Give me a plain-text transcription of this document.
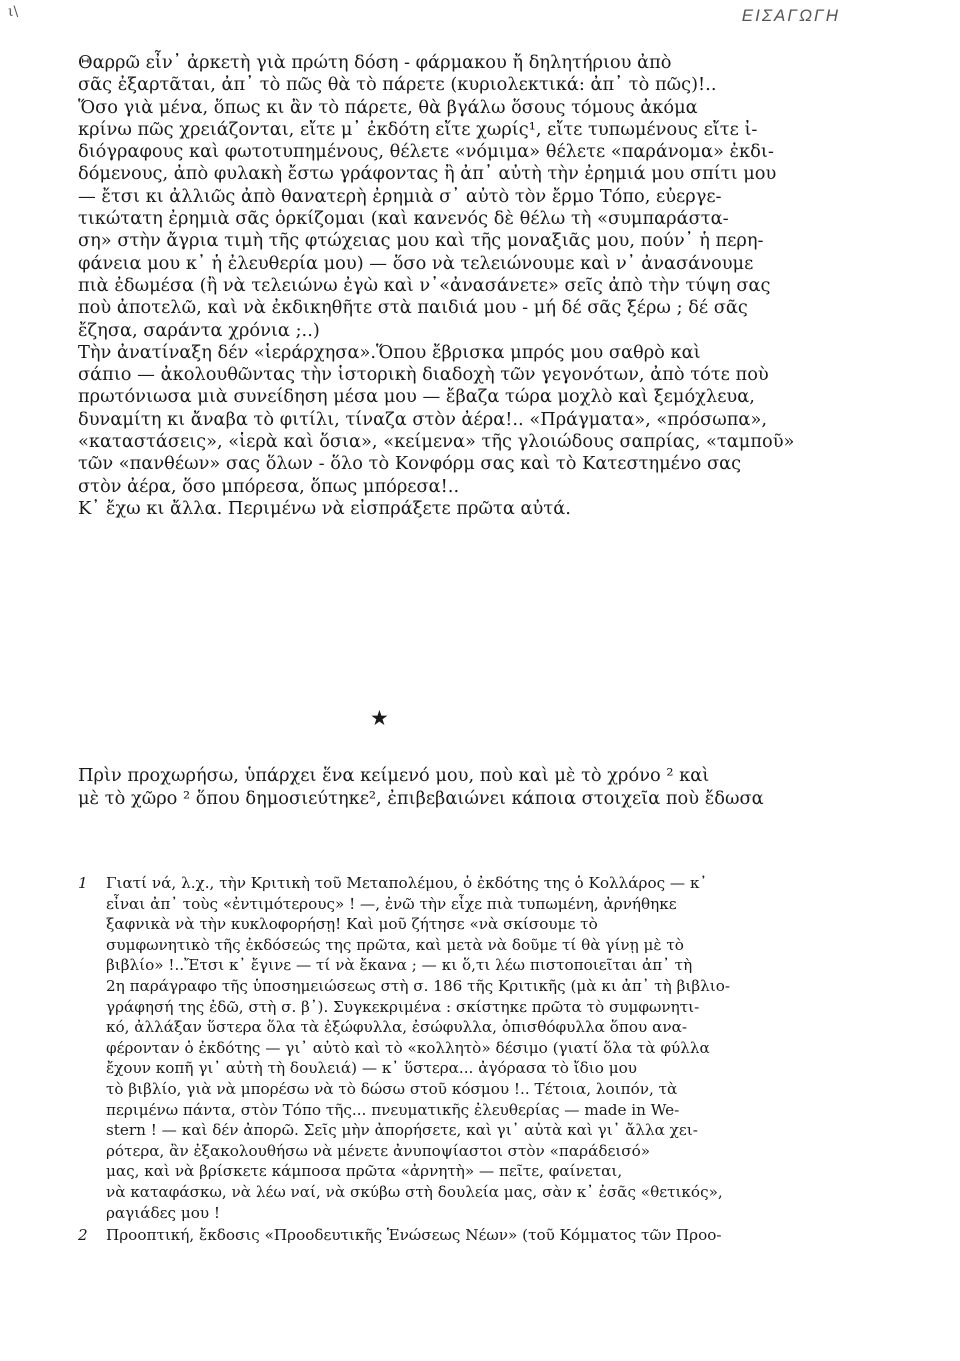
ι\	ΕΙΣΑΓΩΓΗ
Θαρρῶ εἶν᾽ ἀρκετὴ γιὰ πρώτη δόση - φάρμακου ἤ δηλητήριου ἀπὸ
σᾶς ἐξαρτᾶται, ἀπ᾽ τὸ πῶς θὰ τὸ πάρετε (κυριολεκτικά: ἀπ᾽ τὸ πῶς)!..
Ὅσο γιὰ μένα, ὅπως κι ἂν τὸ πάρετε, θὰ βγάλω ὅσους τόμους ἀκόμα
κρίνω πῶς χρειάζονται, εἴτε μ᾽ ἐκδότη εἴτε χωρίς¹, εἴτε τυπωμένους εἴτε ἰ-
διόγραφους καὶ φωτοτυπημένους, θέλετε «νόμιμα» θέλετε «παράνομα» ἐκδι-
δόμενους, ἀπὸ φυλακὴ ἔστω γράφοντας ἢ ἀπ᾽ αὐτὴ τὴν ἐρημιά μου σπίτι μου
— ἔτσι κι ἀλλιῶς ἀπὸ θανατερὴ ἐρημιὰ σ᾽ αὐτὸ τὸν ἔρμο Τόπο, εὐεργε-
τικώτατη ἐρημιὰ σᾶς ὁρκίζομαι (καὶ κανενός δὲ θέλω τὴ «συμπαράστα-
ση» στὴν ἄγρια τιμὴ τῆς φτώχειας μου καὶ τῆς μοναξιᾶς μου, πούν᾽ ἡ περη-
φάνεια μου κ᾽ ἡ ἐλευθερία μου) — ὅσο νὰ τελειώνουμε καὶ ν᾽ ἀνασάνουμε
πιὰ ἐδωμέσα (ἢ νὰ τελειώνω ἐγὼ καὶ ν᾽«ἀνασάνετε» σεῖς ἀπὸ τὴν τύψη σας
ποὺ ἀποτελῶ, καὶ νὰ ἐκδικηθῆτε στὰ παιδιά μου - μή δέ σᾶς ξέρω ; δέ σᾶς
ἔζησα, σαράντα χρόνια ;..)
Τὴν ἀνατίναξη δέν «ἱεράρχησα».Ὅπου ἔβρισκα μπρός μου σαθρὸ καὶ
σάπιο — ἀκολουθῶντας τὴν ἱστορικὴ διαδοχὴ τῶν γεγονότων, ἀπὸ τότε ποὺ
πρωτόνιωσα μιὰ συνείδηση μέσα μου — ἔβαζα τώρα μοχλὸ καὶ ξεμόχλευα,
δυναμίτη κι ἄναβα τὸ φιτίλι, τίναζα στὸν ἀέρα!.. «Πράγματα», «πρόσωπα»,
«καταστάσεις», «ἱερὰ καὶ ὅσια», «κείμενα» τῆς γλοιώδους σαπρίας, «ταμποῦ»
τῶν «πανθέων» σας ὅλων - ὅλο τὸ Κονφόρμ σας καὶ τὸ Κατεστημένο σας
στὸν ἀέρα, ὅσο μπόρεσα, ὅπως μπόρεσα!..
Κ᾽ ἔχω κι ἄλλα. Περιμένω νὰ εἰσπράξετε πρῶτα αὐτά.
★
Πρὶν προχωρήσω, ὑπάρχει ἕνα κείμενό μου, ποὺ καὶ μὲ τὸ χρόνο ² καὶ
μὲ τὸ χῶρο ² ὅπου δημοσιεύτηκε², ἐπιβεβαιώνει κάποια στοιχεῖα ποὺ ἔδωσα
1 Γιατί νά, λ.χ., τὴν Κριτικὴ τοῦ Μεταπολέμου, ὁ ἐκδότης της ὁ Κολλάρος — κ᾽
εἶναι ἀπ᾽ τοὺς «ἐντιμότερους» ! —, ἐνῶ τὴν εἶχε πιὰ τυπωμένη, ἀρνήθηκε
ξαφνικὰ νὰ τὴν κυκλοφορήσῃ! Καὶ μοῦ ζήτησε «νὰ σκίσουμε τὸ
συμφωνητικὸ τῆς ἐκδόσεώς της πρῶτα, καὶ μετὰ νὰ δοῦμε τί θὰ γίνῃ μὲ τὸ
βιβλίο» !..Ἔτσι κ᾽ ἔγινε — τί νὰ ἔκανα ; — κι ὅ,τι λέω πιστοποιεῖται ἀπ᾽ τὴ
2η παράγραφο τῆς ὑποσημειώσεως στὴ σ. 186 τῆς Κριτικῆς (μὰ κι ἀπ᾽ τὴ βιβλιο-
γράφησή της ἐδῶ, στὴ σ. β᾽). Συγκεκριμένα : σκίστηκε πρῶτα τὸ συμφωνητι-
κό, ἀλλάξαν ὕστερα ὅλα τὰ ἐξώφυλλα, ἐσώφυλλα, ὀπισθόφυλλα ὅπου ανα-
φέρονταν ὁ ἐκδότης — γι᾽ αὐτὸ καὶ τὸ «κολλητὸ» δέσιμο (γιατί ὅλα τὰ φύλλα
ἔχουν κοπῆ γι᾽ αὐτὴ τὴ δουλειά) — κ᾽ ὕστερα... ἀγόρασα τὸ ἴδιο μου
τὸ βιβλίο, γιὰ νὰ μπορέσω νὰ τὸ δώσω στοῦ κόσμου !.. Τέτοια, λοιπόν, τὰ
περιμένω πάντα, στὸν Τόπο τῆς... πνευματικῆς ἐλευθερίας — made in We-
stern ! — καὶ δέν ἀπορῶ. Σεῖς μὴν ἀπορήσετε, καὶ γι᾽ αὐτὰ καὶ γι᾽ ἄλλα χει-
ρότερα, ἂν ἐξακολουθήσω νὰ μένετε ἀνυποψίαστοι στὸν «παράδεισό»
μας, καὶ νὰ βρίσκετε κάμποσα πρῶτα «ἀρνητὴ» — πεῖτε, φαίνεται,
νὰ καταφάσκω, νὰ λέω ναί, νὰ σκύβω στὴ δουλεία μας, σὰν κ᾽ ἐσᾶς «θετικός»,
ραγιάδες μου !
2 Προοπτική, ἔκδοσις «Προοδευτικῆς Ἑνώσεως Νέων» (τοῦ Κόμματος τῶν Προο-
